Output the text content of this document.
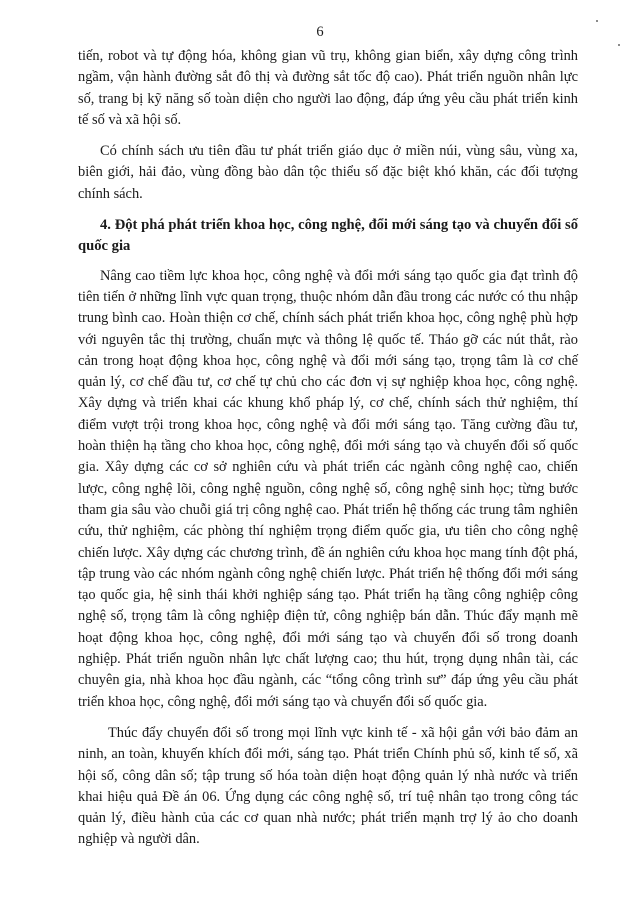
6

tiến, robot và tự động hóa, không gian vũ trụ, không gian biển, xây dựng công trình ngầm, vận hành đường sắt đô thị và đường sắt tốc độ cao). Phát triển nguồn nhân lực số, trang bị kỹ năng số toàn diện cho người lao động, đáp ứng yêu cầu phát triển kinh tế số và xã hội số.

Có chính sách ưu tiên đầu tư phát triển giáo dục ở miền núi, vùng sâu, vùng xa, biên giới, hải đảo, vùng đồng bào dân tộc thiểu số đặc biệt khó khăn, các đối tượng chính sách.

4. Đột phá phát triển khoa học, công nghệ, đổi mới sáng tạo và chuyển đổi số quốc gia

Nâng cao tiềm lực khoa học, công nghệ và đổi mới sáng tạo quốc gia đạt trình độ tiên tiến ở những lĩnh vực quan trọng, thuộc nhóm dẫn đầu trong các nước có thu nhập trung bình cao. Hoàn thiện cơ chế, chính sách phát triển khoa học, công nghệ phù hợp với nguyên tắc thị trường, chuẩn mực và thông lệ quốc tế. Tháo gỡ các nút thắt, rào cản trong hoạt động khoa học, công nghệ và đổi mới sáng tạo, trọng tâm là cơ chế quản lý, cơ chế đầu tư, cơ chế tự chủ cho các đơn vị sự nghiệp khoa học, công nghệ. Xây dựng và triển khai các khung khổ pháp lý, cơ chế, chính sách thử nghiệm, thí điểm vượt trội trong khoa học, công nghệ và đổi mới sáng tạo. Tăng cường đầu tư, hoàn thiện hạ tầng cho khoa học, công nghệ, đổi mới sáng tạo và chuyển đổi số quốc gia. Xây dựng các cơ sở nghiên cứu và phát triển các ngành công nghệ cao, chiến lược, công nghệ lõi, công nghệ nguồn, công nghệ số, công nghệ sinh học; từng bước tham gia sâu vào chuỗi giá trị công nghệ cao. Phát triển hệ thống các trung tâm nghiên cứu, thử nghiệm, các phòng thí nghiệm trọng điểm quốc gia, ưu tiên cho công nghệ chiến lược. Xây dựng các chương trình, đề án nghiên cứu khoa học mang tính đột phá, tập trung vào các nhóm ngành công nghệ chiến lược. Phát triển hệ thống đổi mới sáng tạo quốc gia, hệ sinh thái khởi nghiệp sáng tạo. Phát triển hạ tầng công nghiệp công nghệ số, trọng tâm là công nghiệp điện tử, công nghiệp bán dẫn. Thúc đẩy mạnh mẽ hoạt động khoa học, công nghệ, đổi mới sáng tạo và chuyển đổi số trong doanh nghiệp. Phát triển nguồn nhân lực chất lượng cao; thu hút, trọng dụng nhân tài, các chuyên gia, nhà khoa học đầu ngành, các “tổng công trình sư” đáp ứng yêu cầu phát triển khoa học, công nghệ, đổi mới sáng tạo và chuyển đổi số quốc gia.

Thúc đẩy chuyển đổi số trong mọi lĩnh vực kinh tế - xã hội gắn với bảo đảm an ninh, an toàn, khuyến khích đổi mới, sáng tạo. Phát triển Chính phủ số, kinh tế số, xã hội số, công dân số; tập trung số hóa toàn diện hoạt động quản lý nhà nước và triển khai hiệu quả Đề án 06. Ứng dụng các công nghệ số, trí tuệ nhân tạo trong công tác quản lý, điều hành của các cơ quan nhà nước; phát triển mạnh trợ lý ảo cho doanh nghiệp và người dân.
